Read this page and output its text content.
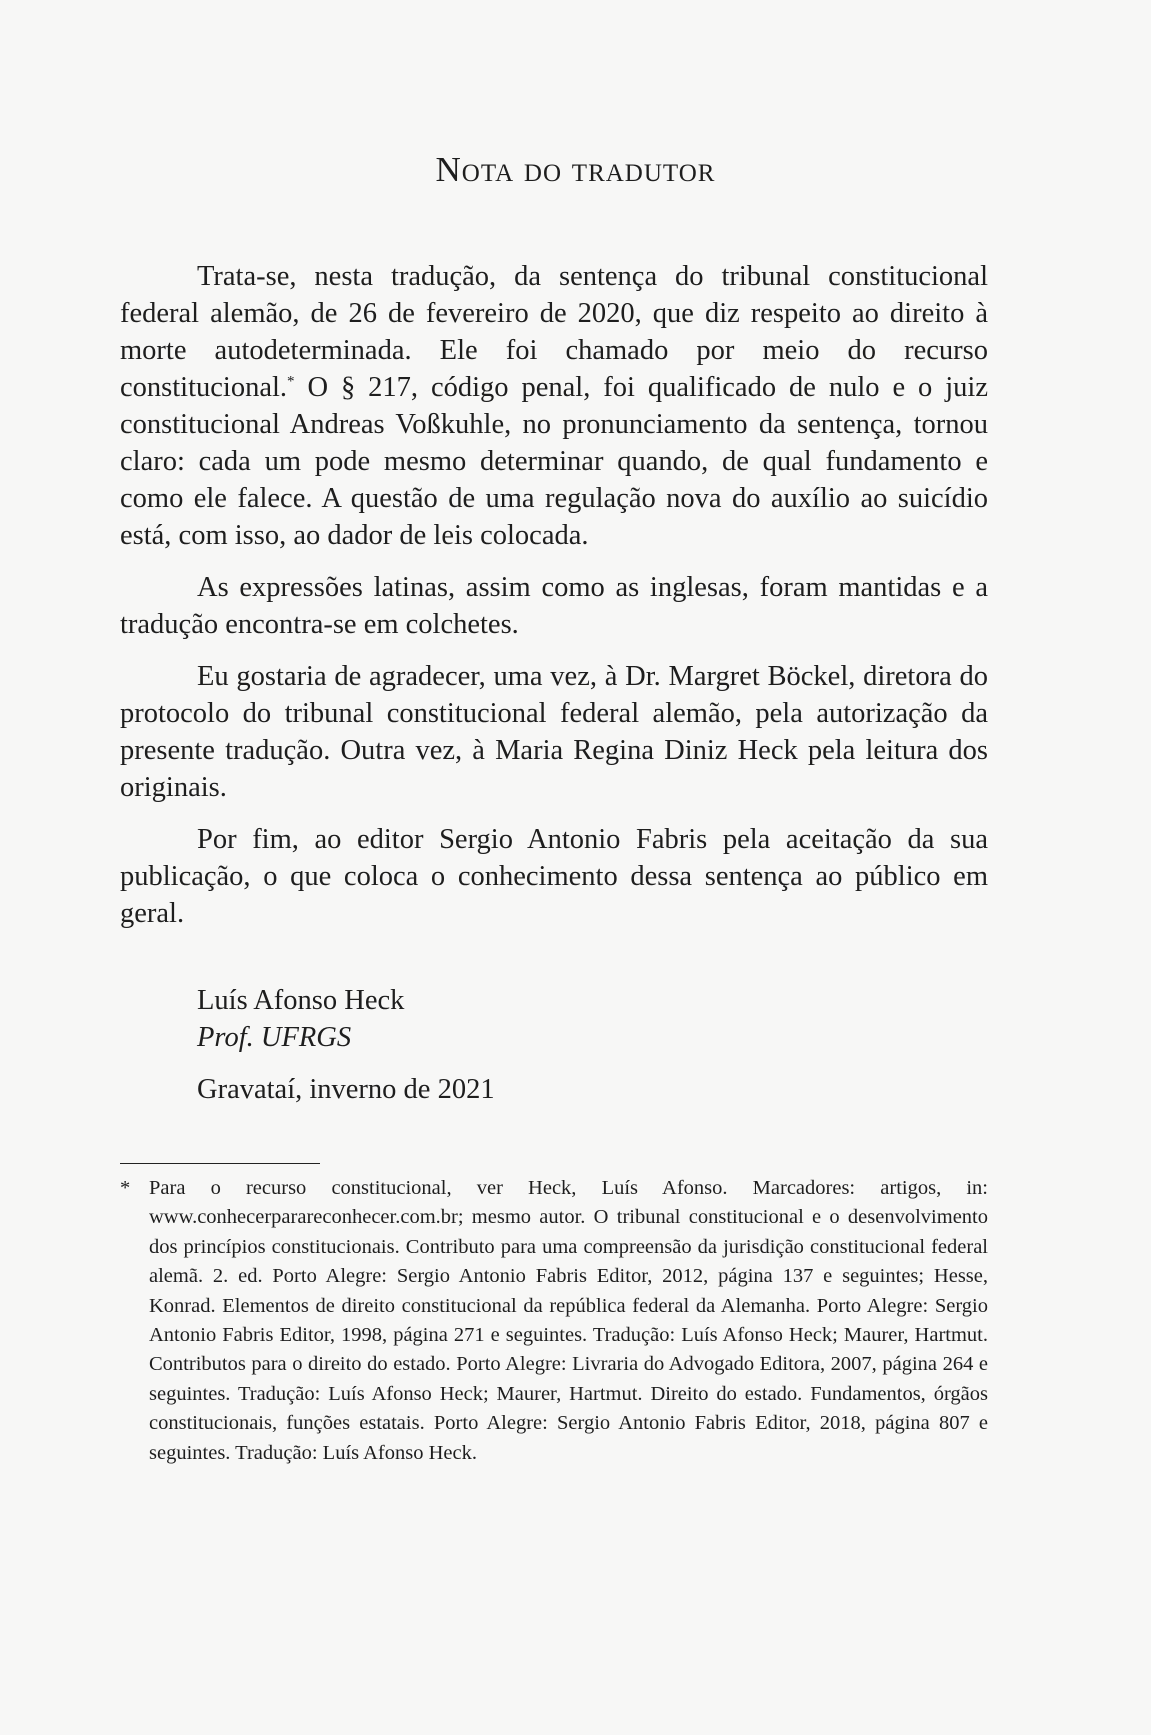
Nota do tradutor

Trata-se, nesta tradução, da sentença do tribunal constitucional federal alemão, de 26 de fevereiro de 2020, que diz respeito ao direito à morte autodeterminada. Ele foi chamado por meio do recurso constitucional.* O § 217, código penal, foi qualificado de nulo e o juiz constitucional Andreas Voßkuhle, no pronunciamento da sentença, tornou claro: cada um pode mesmo determinar quando, de qual fundamento e como ele falece. A questão de uma regulação nova do auxílio ao suicídio está, com isso, ao dador de leis colocada.

As expressões latinas, assim como as inglesas, foram mantidas e a tradução encontra-se em colchetes.

Eu gostaria de agradecer, uma vez, à Dr. Margret Böckel, diretora do protocolo do tribunal constitucional federal alemão, pela autorização da presente tradução. Outra vez, à Maria Regina Diniz Heck pela leitura dos originais.

Por fim, ao editor Sergio Antonio Fabris pela aceitação da sua publicação, o que coloca o conhecimento dessa sentença ao público em geral.

Luís Afonso Heck
Prof. UFRGS
Gravataí, inverno de 2021
* Para o recurso constitucional, ver Heck, Luís Afonso. Marcadores: artigos, in: www.conhecerparareconhecer.com.br; mesmo autor. O tribunal constitucional e o desenvolvimento dos princípios constitucionais. Contributo para uma compreensão da jurisdição constitucional federal alemã. 2. ed. Porto Alegre: Sergio Antonio Fabris Editor, 2012, página 137 e seguintes; Hesse, Konrad. Elementos de direito constitucional da república federal da Alemanha. Porto Alegre: Sergio Antonio Fabris Editor, 1998, página 271 e seguintes. Tradução: Luís Afonso Heck; Maurer, Hartmut. Contributos para o direito do estado. Porto Alegre: Livraria do Advogado Editora, 2007, página 264 e seguintes. Tradução: Luís Afonso Heck; Maurer, Hartmut. Direito do estado. Fundamentos, órgãos constitucionais, funções estatais. Porto Alegre: Sergio Antonio Fabris Editor, 2018, página 807 e seguintes. Tradução: Luís Afonso Heck.
